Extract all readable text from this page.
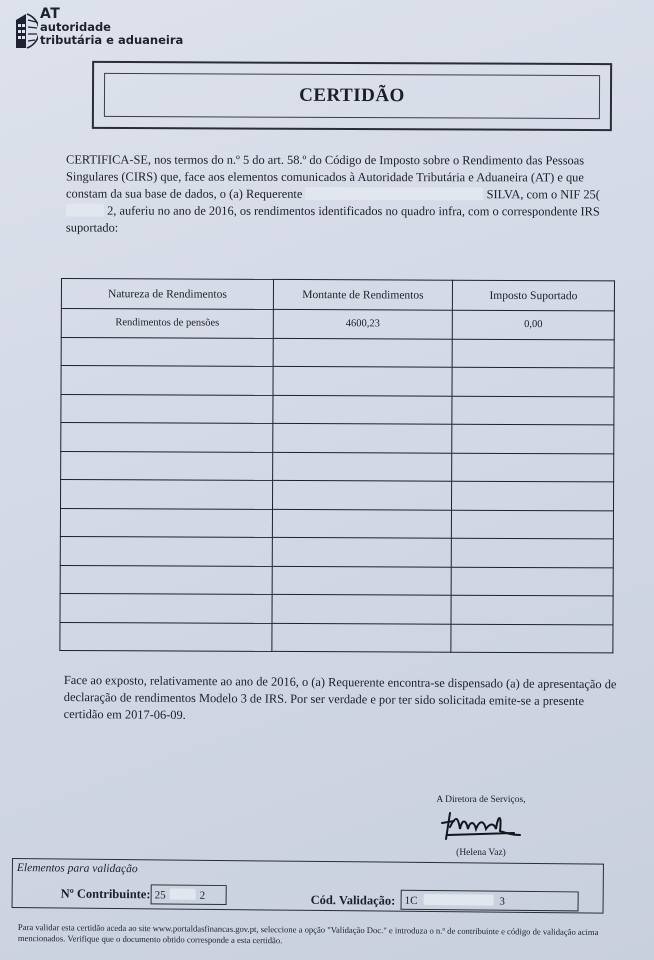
AT
autoridade
tributária e aduaneira
CERTIDÃO
CERTIFICA-SE, nos termos do n.º 5 do art. 58.º do Código de Imposto sobre o Rendimento das Pessoas Singulares (CIRS) que, face aos elementos comunicados à Autoridade Tributária e Aduaneira (AT) e que constam da sua base de dados, o (a) Requerente	SILVA, com o NIF 25( 2, auferiu no ano de 2016, os rendimentos identificados no quadro infra, com o correspondente IRS suportado:
Natureza de Rendimentos	Montante de Rendimentos	Imposto Suportado
Rendimentos de pensões	4600,23	0,00

Face ao exposto, relativamente ao ano de 2016, o (a) Requerente encontra-se dispensado (a) de apresentação de declaração de rendimentos Modelo 3 de IRS. Por ser verdade e por ter sido solicitada emite-se a presente certidão em 2017-06-09.
A Diretora de Serviços,
(Helena Vaz)
Elementos para validação
Nº Contribuinte: 25	2	Cód. Validação: 1C	3
Para validar esta certidão aceda ao site www.portaldasfinancas.gov.pt, seleccione a opção "Validação Doc." e introduza o n.º de contribuinte e código de validação acima mencionados. Verifique que o documento obtido corresponde a esta certidão.
